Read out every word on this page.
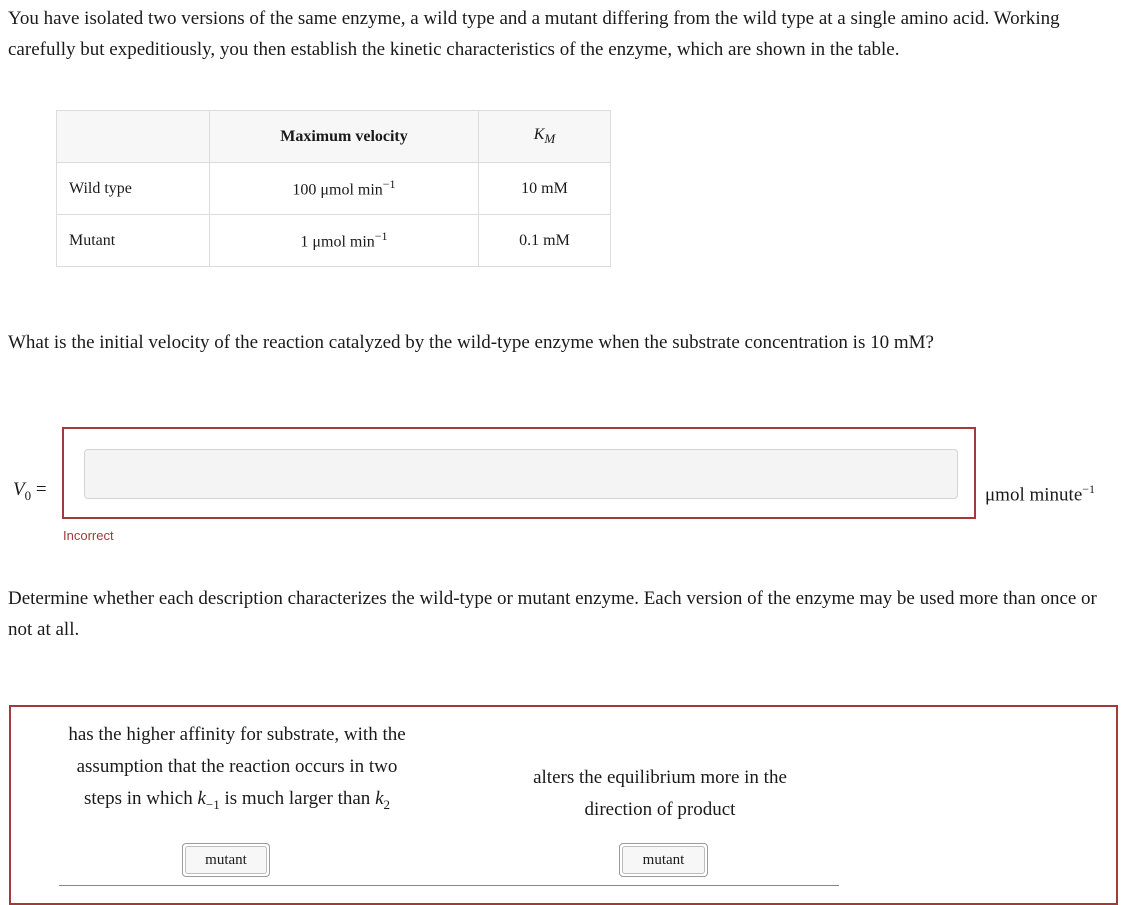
You have isolated two versions of the same enzyme, a wild type and a mutant differing from the wild type at a single amino acid. Working carefully but expeditiously, you then establish the kinetic characteristics of the enzyme, which are shown in the table.

	Maximum velocity	$K_M$
Wild type	100 μmol $\min^{-1}$	10 mM
Mutant	1 μmol $\min^{-1}$	0.1 mM

What is the initial velocity of the reaction catalyzed by the wild-type enzyme when the substrate concentration is 10 mM?

$V_0$ =	μmol minute$^{-1}$
Incorrect

Determine whether each description characterizes the wild-type or mutant enzyme. Each version of the enzyme may be used more than once or not at all.

has the higher affinity for substrate, with the assumption that the reaction occurs in two steps in which $k_{-1}$ is much larger than $k_2$
mutant
alters the equilibrium more in the direction of product
mutant
